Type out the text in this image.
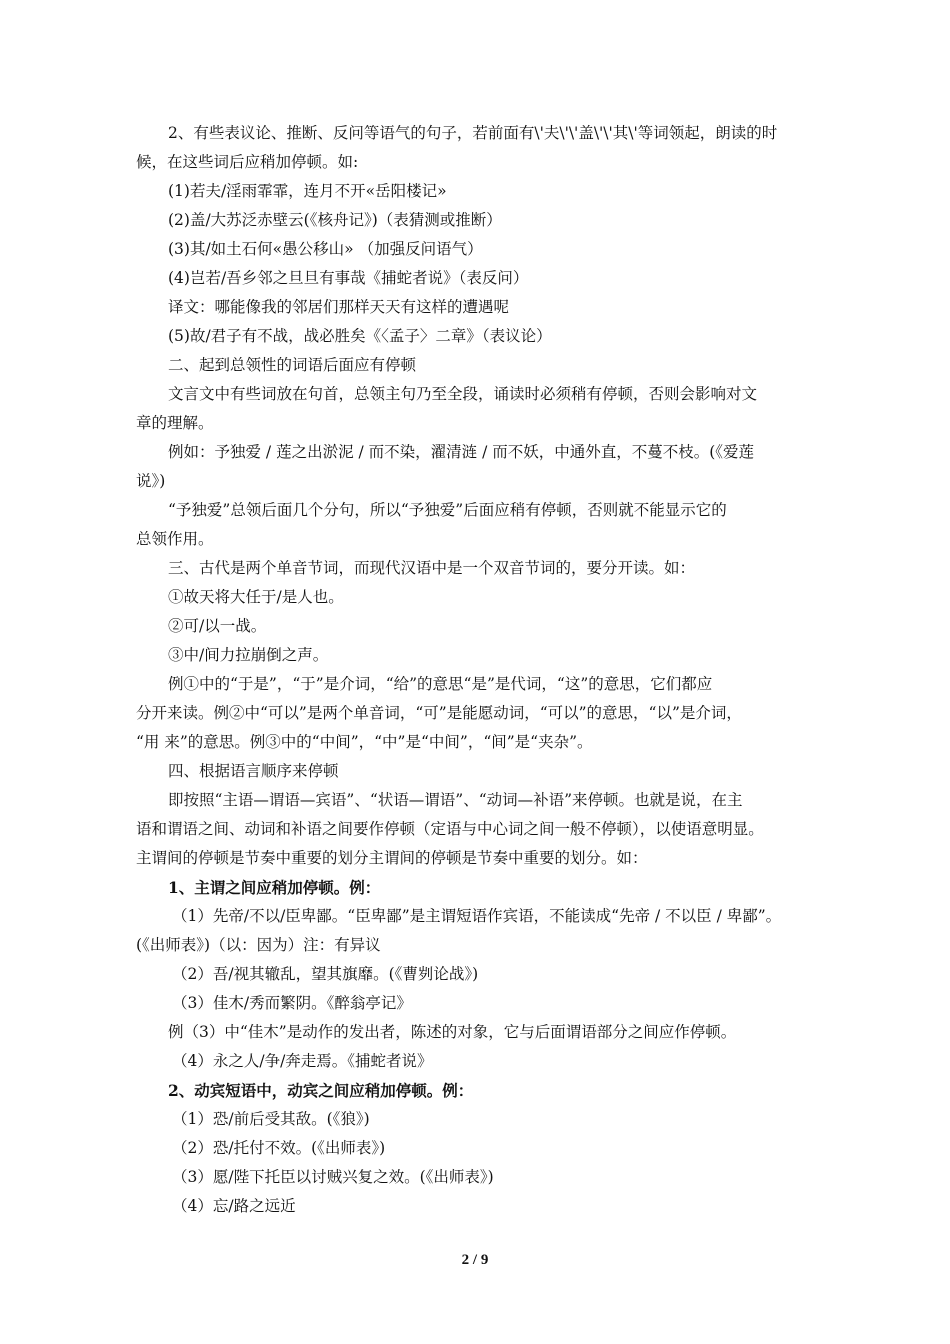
2、有些表议论、推断、反问等语气的句子，若前面有\'夫\'\'盖\'\'其\'等词领起，朗读的时
候，在这些词后应稍加停顿。如:
(1)若夫/淫雨霏霏，连月不开«岳阳楼记»
(2)盖/大苏泛赤壁云(《核舟记》)（表猜测或推断）
(3)其/如土石何«愚公移山» （加强反问语气）
(4)岂若/吾乡邻之旦旦有事哉《捕蛇者说》（表反问）
译文：哪能像我的邻居们那样天天有这样的遭遇呢
(5)故/君子有不战，战必胜矣《〈孟子〉二章》（表议论）
二、起到总领性的词语后面应有停顿
文言文中有些词放在句首，总领主句乃至全段，诵读时必须稍有停顿，否则会影响对文
章的理解。
例如：予独爱 / 莲之出淤泥 / 而不染，濯清涟 / 而不妖，中通外直，不蔓不枝。(《爱莲
说》)
“予独爱”总领后面几个分句，所以“予独爱”后面应稍有停顿，否则就不能显示它的
总领作用。
三、古代是两个单音节词，而现代汉语中是一个双音节词的，要分开读。如：
①故天将大任于/是人也。
②可/以一战。
③中/间力拉崩倒之声。
例①中的“于是”，“于”是介词，“给”的意思“是”是代词，“这”的意思，它们都应
分开来读。例②中“可以”是两个单音词，“可”是能愿动词，“可以”的意思，“以”是介词，
“用 来”的意思。例③中的“中间”，“中”是“中间”，“间”是“夹杂”。
四、根据语言顺序来停顿
即按照“主语—谓语—宾语”、“状语—谓语”、“动词—补语”来停顿。也就是说，在主
语和谓语之间、动词和补语之间要作停顿（定语与中心词之间一般不停顿），以使语意明显。
主谓间的停顿是节奏中重要的划分主谓间的停顿是节奏中重要的划分。如：
1、主谓之间应稍加停顿。例：
（1）先帝/不以/臣卑鄙。“臣卑鄙”是主谓短语作宾语，不能读成“先帝 / 不以臣 / 卑鄙”。
(《出师表》)（以：因为）注：有异议
（2）吾/视其辙乱，望其旗靡。(《曹刿论战》)
（3）佳木/秀而繁阴。《醉翁亭记》
例（3）中“佳木”是动作的发出者，陈述的对象，它与后面谓语部分之间应作停顿。
（4）永之人/争/奔走焉。《捕蛇者说》
2、动宾短语中，动宾之间应稍加停顿。例：
（1）恐/前后受其敌。(《狼》)
（2）恐/托付不效。(《出师表》)
（3）愿/陛下托臣以讨贼兴复之效。(《出师表》)
（4）忘/路之远近
2 / 9
